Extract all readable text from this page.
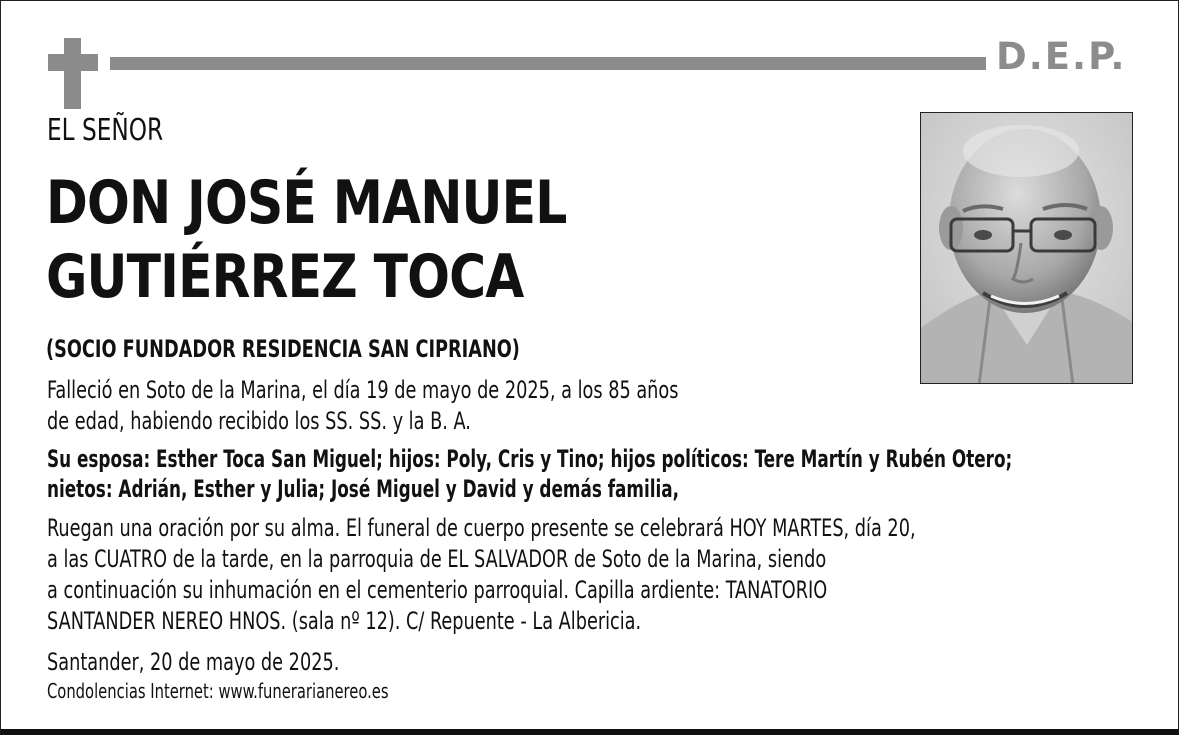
D.E.P.
EL SEÑOR
DON JOSÉ MANUEL
GUTIÉRREZ TOCA
(SOCIO FUNDADOR RESIDENCIA SAN CIPRIANO)
Falleció en Soto de la Marina, el día 19 de mayo de 2025, a los 85 años
de edad, habiendo recibido los SS. SS. y la B. A.
Su esposa: Esther Toca San Miguel; hijos: Poly, Cris y Tino; hijos políticos: Tere Martín y Rubén Otero;
nietos: Adrián, Esther y Julia; José Miguel y David y demás familia,
Ruegan una oración por su alma. El funeral de cuerpo presente se celebrará HOY MARTES, día 20,
a las CUATRO de la tarde, en la parroquia de EL SALVADOR de Soto de la Marina, siendo
a continuación su inhumación en el cementerio parroquial. Capilla ardiente: TANATORIO
SANTANDER NEREO HNOS. (sala nº 12). C/ Repuente - La Albericia.
Santander, 20 de mayo de 2025.
Condolencias Internet: www.funerarianereo.es
